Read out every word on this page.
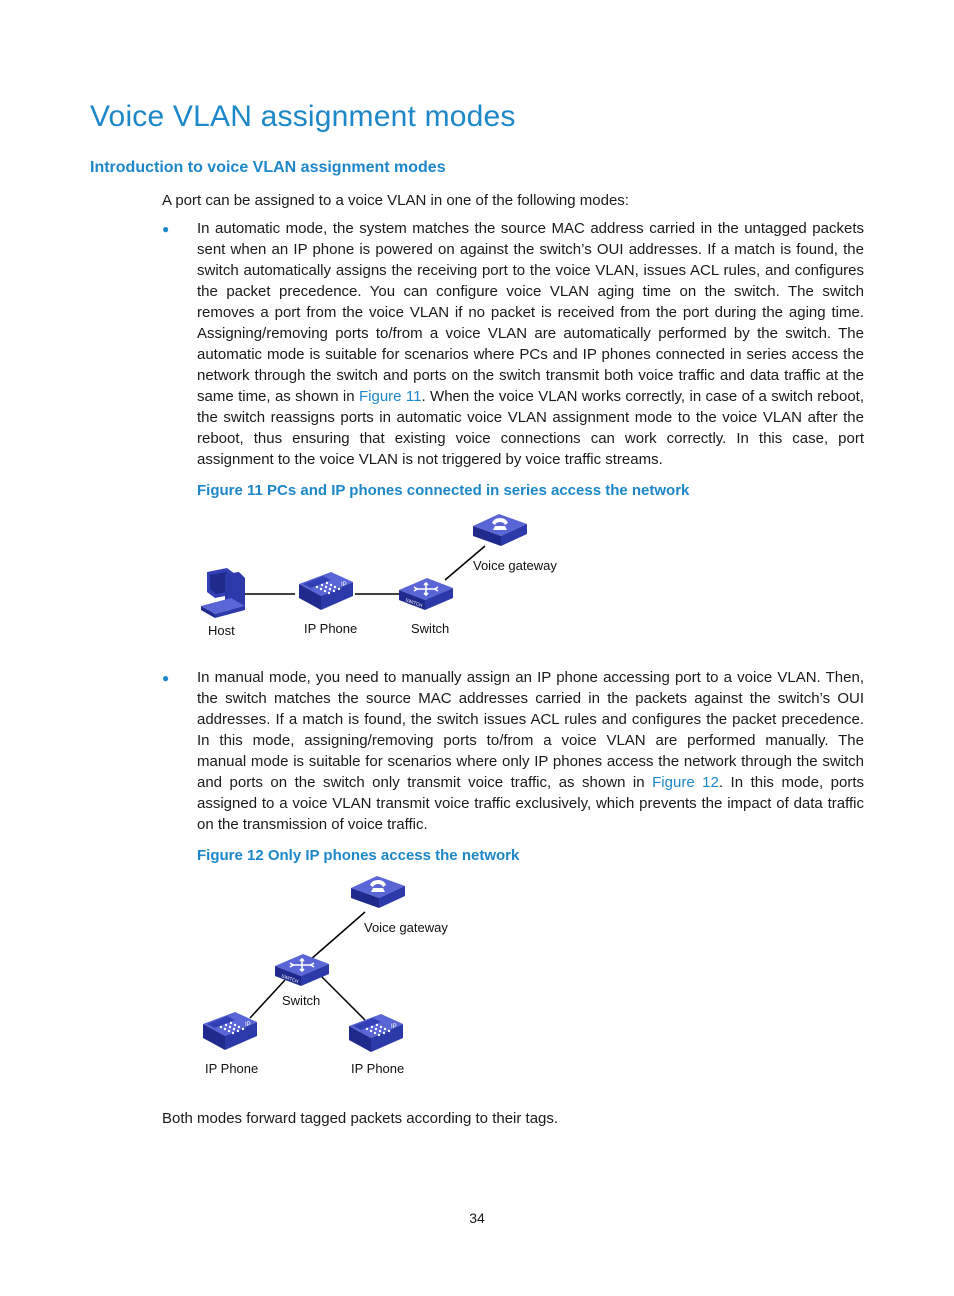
Voice VLAN assignment modes
Introduction to voice VLAN assignment modes

A port can be assigned to a voice VLAN in one of the following modes:

● In automatic mode, the system matches the source MAC address carried in the untagged packets
sent when an IP phone is powered on against the switch’s OUI addresses. If a match is found, the
switch automatically assigns the receiving port to the voice VLAN, issues ACL rules, and configures
the packet precedence. You can configure voice VLAN aging time on the switch. The switch
removes a port from the voice VLAN if no packet is received from the port during the aging time.
Assigning/removing ports to/from a voice VLAN are automatically performed by the switch. The
automatic mode is suitable for scenarios where PCs and IP phones connected in series access the
network through the switch and ports on the switch transmit both voice traffic and data traffic at the
same time, as shown in Figure 11. When the voice VLAN works correctly, in case of a switch reboot,
the switch reassigns ports in automatic voice VLAN assignment mode to the voice VLAN after the
reboot, thus ensuring that existing voice connections can work correctly. In this case, port
assignment to the voice VLAN is not triggered by voice traffic streams.

Figure 11 PCs and IP phones connected in series access the network

Host	IP Phone	Switch
Voice gateway
● In manual mode, you need to manually assign an IP phone accessing port to a voice VLAN. Then,
the switch matches the source MAC addresses carried in the packets against the switch’s OUI
addresses. If a match is found, the switch issues ACL rules and configures the packet precedence.
In this mode, assigning/removing ports to/from a voice VLAN are performed manually. The
manual mode is suitable for scenarios where only IP phones access the network through the switch
and ports on the switch only transmit voice traffic, as shown in Figure 12. In this mode, ports
assigned to a voice VLAN transmit voice traffic exclusively, which prevents the impact of data traffic
on the transmission of voice traffic.

Figure 12 Only IP phones access the network

Voice gateway
Switch
IP Phone	IP Phone

Both modes forward tagged packets according to their tags.

34
